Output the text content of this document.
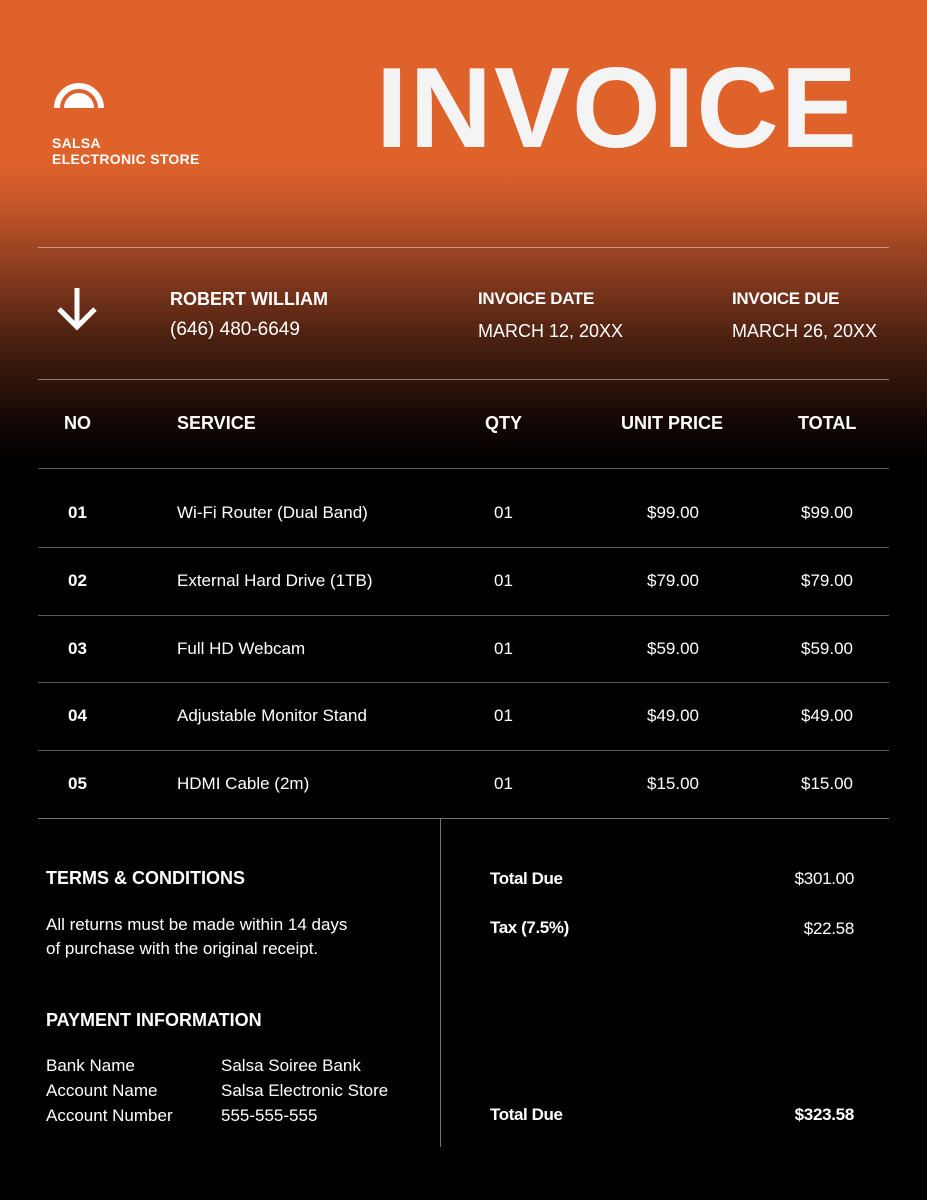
SALSA
ELECTRONIC STORE INVOICE
ROBERT WILLIAM
(646) 480-6649
INVOICE DATE
MARCH 12, 20XX
INVOICE DUE
MARCH 26, 20XX
NO	SERVICE	QTY	UNIT PRICE	TOTAL
01	Wi-Fi Router (Dual Band)	01	$99.00	$99.00
02	External Hard Drive (1TB)	01	$79.00	$79.00
03	Full HD Webcam	01	$59.00	$59.00
04	Adjustable Monitor Stand	01	$49.00	$49.00
05	HDMI Cable (2m)	01	$15.00	$15.00
TERMS & CONDITIONS
All returns must be made within 14 days
of purchase with the original receipt.
PAYMENT INFORMATION
Bank Name	Salsa Soiree Bank
Account Name	Salsa Electronic Store
Account Number	555-555-555
Total Due	$301.00
Tax (7.5%)	$22.58
Total Due	$323.58
